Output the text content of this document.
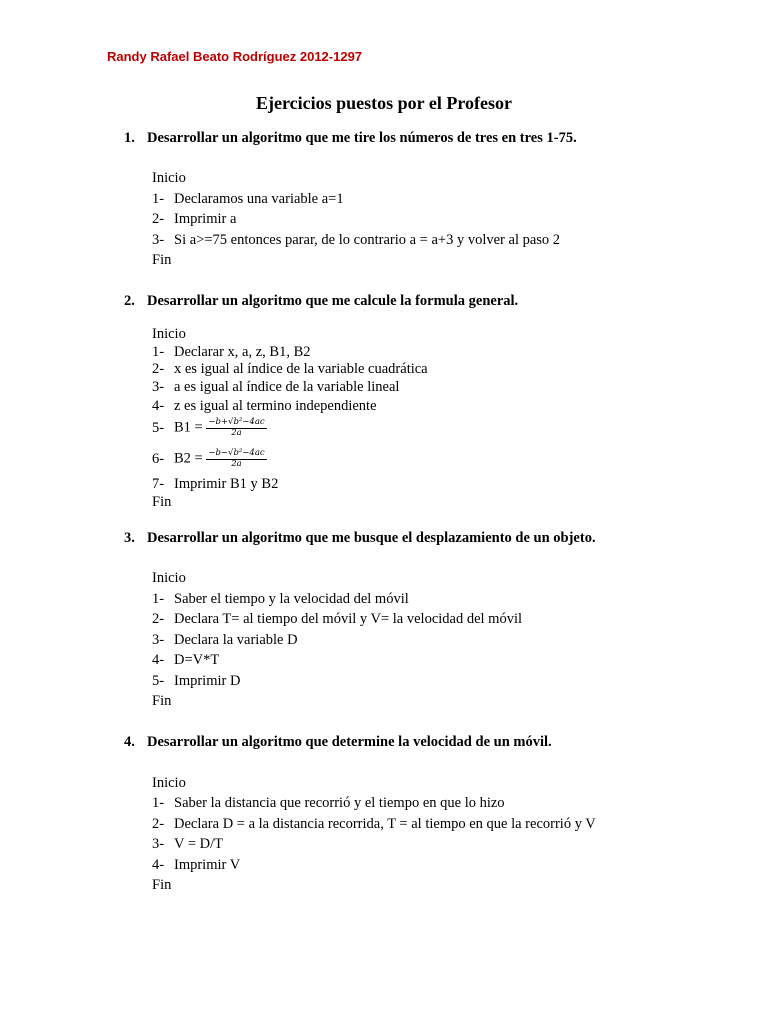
Randy Rafael Beato Rodríguez 2012-1297
Ejercicios puestos por el Profesor
1. Desarrollar un algoritmo que me tire los números de tres en tres 1-75.
Inicio
1- Declaramos una variable a=1
2- Imprimir a
3- Si a>=75 entonces parar, de lo contrario a = a+3 y volver al paso 2
Fin
2. Desarrollar un algoritmo que me calcule la formula general.
Inicio
1- Declarar x, a, z, B1, B2
2- x es igual al índice de la variable cuadrática
3- a es igual al índice de la variable lineal
4- z es igual al termino independiente
5- $B1 = \frac{\text{−b+√b²−4ac}}{2a}$
6- $B2 = \frac{\text{−b−√b²−4ac}}{2a}$
7- Imprimir B1 y B2
Fin
3. Desarrollar un algoritmo que me busque el desplazamiento de un objeto.
Inicio
1- Saber el tiempo y la velocidad del móvil
2- Declara T= al tiempo del móvil y V= la velocidad del móvil
3- Declara la variable D
4- D=V*T
5- Imprimir D
Fin
4. Desarrollar un algoritmo que determine la velocidad de un móvil.
Inicio
1- Saber la distancia que recorrió y el tiempo en que lo hizo
2- Declara D = a la distancia recorrida, T = al tiempo en que la recorrió y V
3- V = D/T
4- Imprimir V
Fin
